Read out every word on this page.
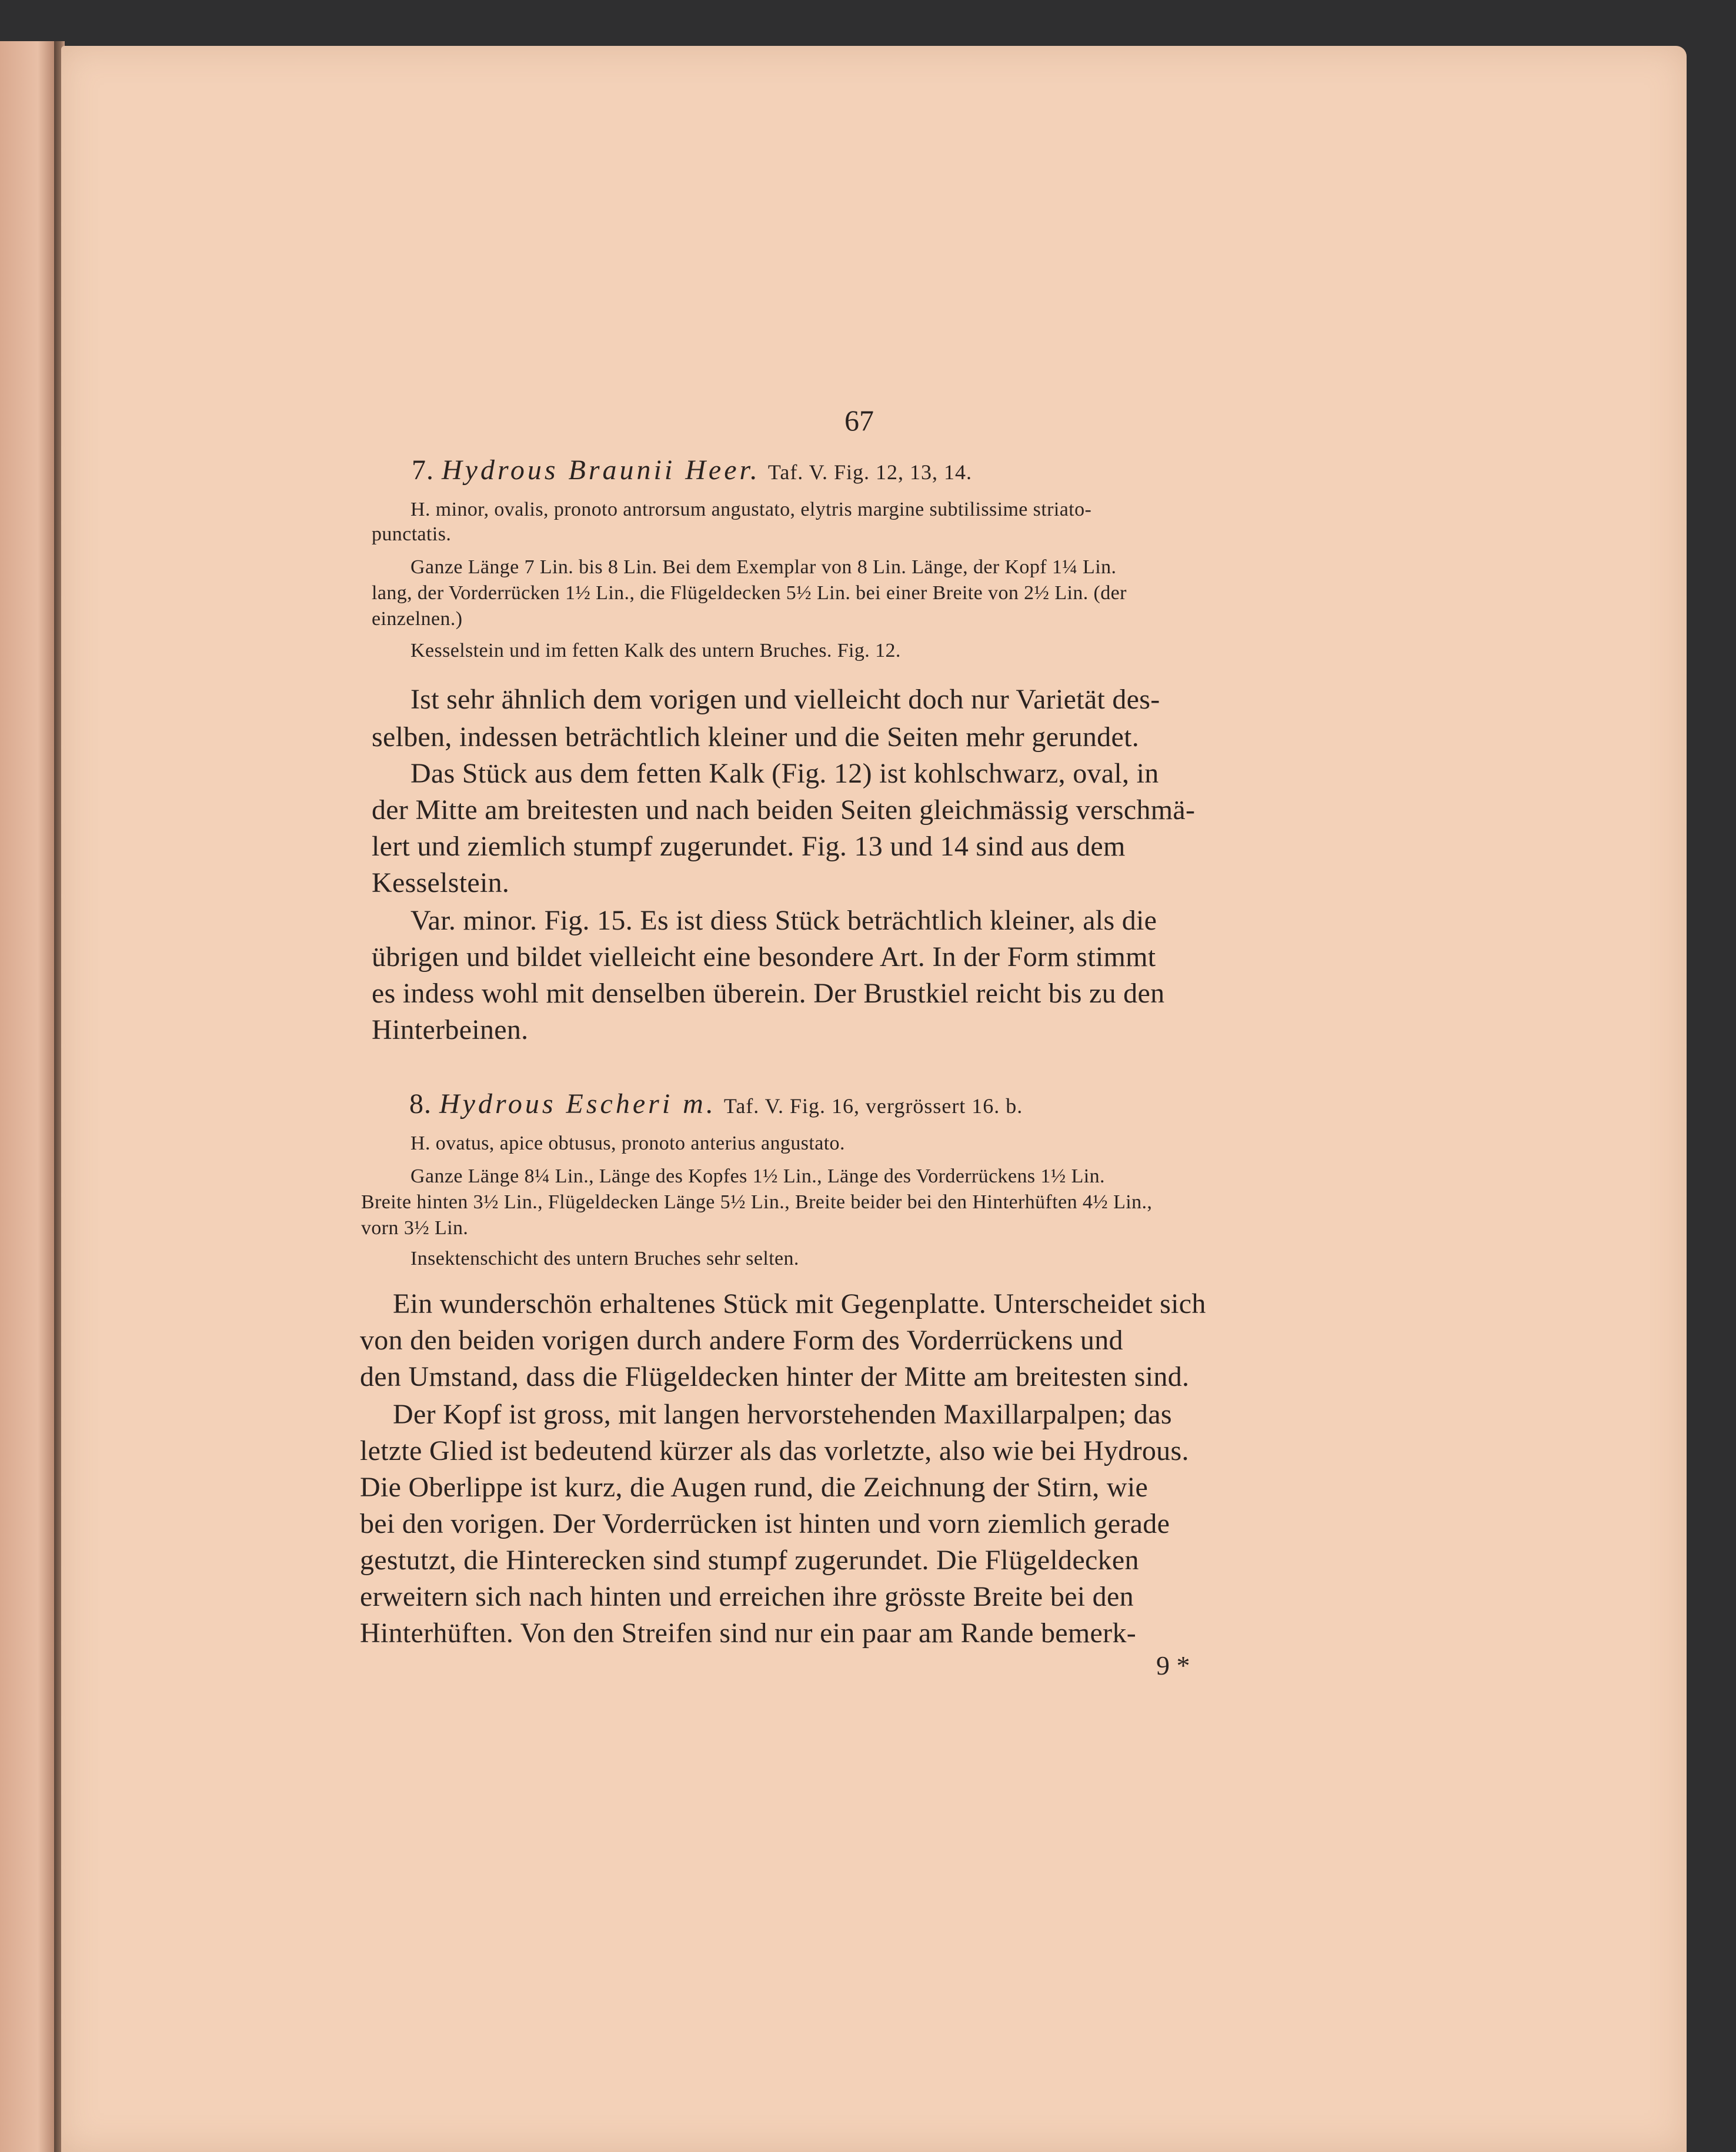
67
7. Hydrous Braunii Heer. Taf. V. Fig. 12, 13, 14.
H. minor, ovalis, pronoto antrorsum angustato, elytris margine subtilissime striato-
punctatis.
Ganze Länge 7 Lin. bis 8 Lin. Bei dem Exemplar von 8 Lin. Länge, der Kopf 1¼ Lin.
lang, der Vorderrücken 1½ Lin., die Flügeldecken 5½ Lin. bei einer Breite von 2½ Lin. (der
einzelnen.)
Kesselstein und im fetten Kalk des untern Bruches. Fig. 12.
Ist sehr ähnlich dem vorigen und vielleicht doch nur Varietät des-
selben, indessen beträchtlich kleiner und die Seiten mehr gerundet.
Das Stück aus dem fetten Kalk (Fig. 12) ist kohlschwarz, oval, in
der Mitte am breitesten und nach beiden Seiten gleichmässig verschmä-
lert und ziemlich stumpf zugerundet. Fig. 13 und 14 sind aus dem
Kesselstein.
Var. minor. Fig. 15. Es ist diess Stück beträchtlich kleiner, als die
übrigen und bildet vielleicht eine besondere Art. In der Form stimmt
es indess wohl mit denselben überein. Der Brustkiel reicht bis zu den
Hinterbeinen.
8. Hydrous Escheri m. Taf. V. Fig. 16, vergrössert 16. b.
H. ovatus, apice obtusus, pronoto anterius angustato.
Ganze Länge 8¼ Lin., Länge des Kopfes 1½ Lin., Länge des Vorderrückens 1½ Lin.
Breite hinten 3½ Lin., Flügeldecken Länge 5½ Lin., Breite beider bei den Hinterhüften 4½ Lin.,
vorn 3½ Lin.
Insektenschicht des untern Bruches sehr selten.
Ein wunderschön erhaltenes Stück mit Gegenplatte. Unterscheidet sich
von den beiden vorigen durch andere Form des Vorderrückens und
den Umstand, dass die Flügeldecken hinter der Mitte am breitesten sind.
Der Kopf ist gross, mit langen hervorstehenden Maxillarpalpen; das
letzte Glied ist bedeutend kürzer als das vorletzte, also wie bei Hydrous.
Die Oberlippe ist kurz, die Augen rund, die Zeichnung der Stirn, wie
bei den vorigen. Der Vorderrücken ist hinten und vorn ziemlich gerade
gestutzt, die Hinterecken sind stumpf zugerundet. Die Flügeldecken
erweitern sich nach hinten und erreichen ihre grösste Breite bei den
Hinterhüften. Von den Streifen sind nur ein paar am Rande bemerk-
9 *
